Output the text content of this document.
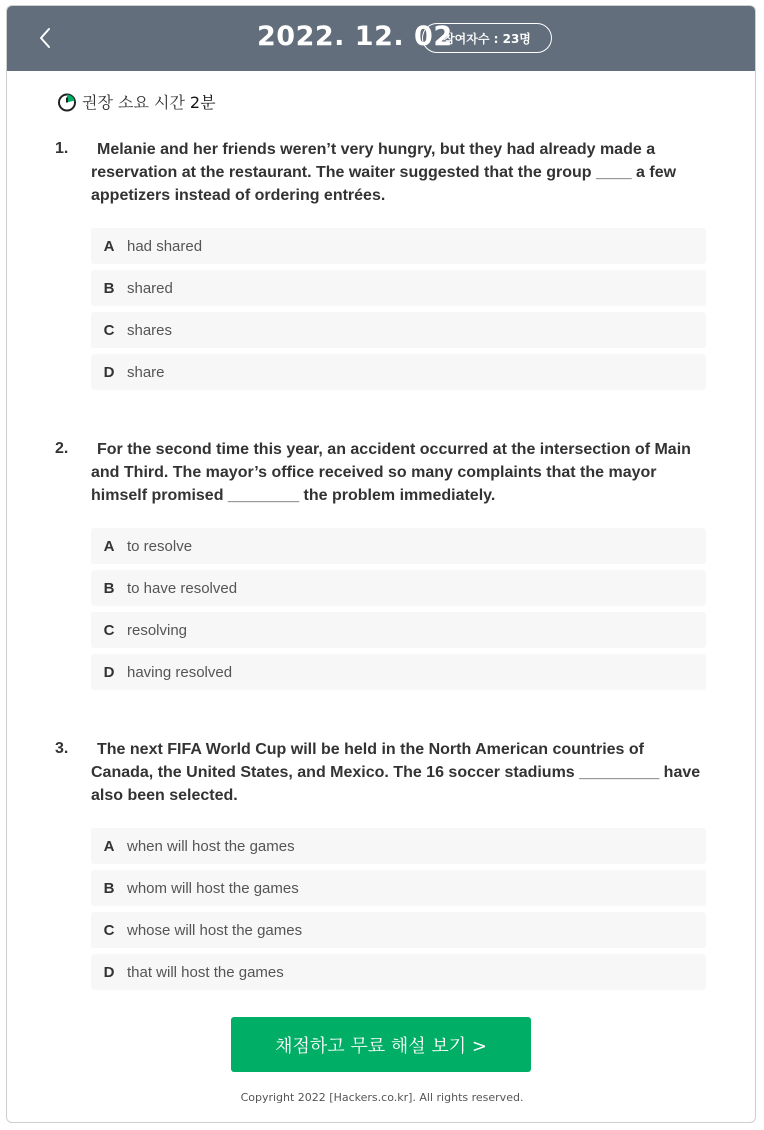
2022. 12. 02
참여자수 : 23명
권장 소요 시간 2분
1.	Melanie and her friends weren’t very hungry, but they had already made a reservation at the restaurant. The waiter suggested that the group ____ a few appetizers instead of ordering entrées.
A had shared
B shared
C shares
D share
2.	For the second time this year, an accident occurred at the intersection of Main and Third. The mayor’s office received so many complaints that the mayor himself promised ________ the problem immediately.
A to resolve
B to have resolved
C resolving
D having resolved
3.	The next FIFA World Cup will be held in the North American countries of Canada, the United States, and Mexico. The 16 soccer stadiums _________ have also been selected.
A when will host the games
B whom will host the games
C whose will host the games
D that will host the games
채점하고 무료 해설 보기 >
Copyright 2022 [Hackers.co.kr]. All rights reserved.
